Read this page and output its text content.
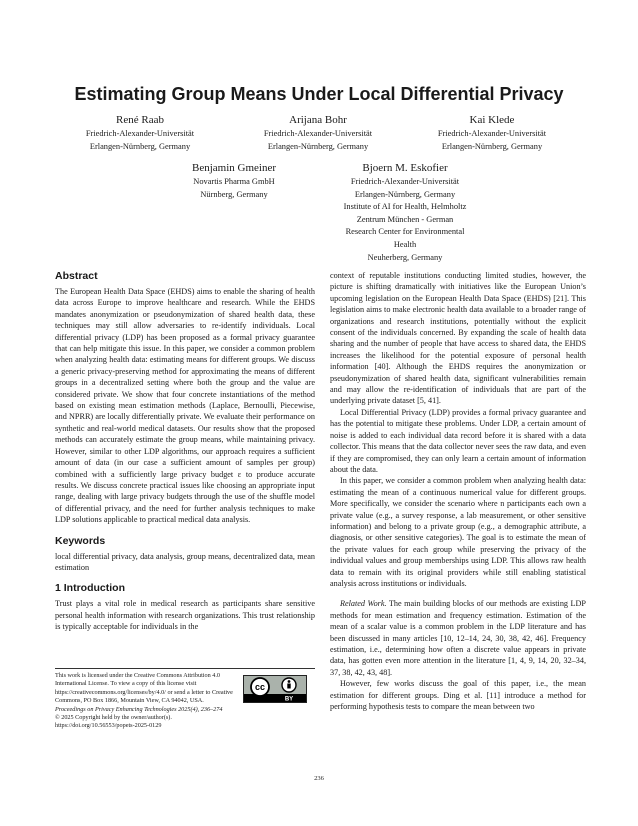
Estimating Group Means Under Local Differential Privacy
René Raab
Friedrich-Alexander-Universität
Erlangen-Nürnberg, Germany
Arijana Bohr
Friedrich-Alexander-Universität
Erlangen-Nürnberg, Germany
Kai Klede
Friedrich-Alexander-Universität
Erlangen-Nürnberg, Germany
Benjamin Gmeiner
Novartis Pharma GmbH
Nürnberg, Germany
Bjoern M. Eskofier
Friedrich-Alexander-Universität
Erlangen-Nürnberg, Germany
Institute of AI for Health, Helmholtz
Zentrum München - German
Research Center for Environmental
Health
Neuherberg, Germany
Abstract

The European Health Data Space (EHDS) aims to enable the sharing of health data across Europe to improve healthcare and research. While the EHDS mandates anonymization or pseudonymization of shared health data, these techniques may still allow adversaries to re-identify individuals. Local differential privacy (LDP) has been proposed as a formal privacy guarantee that can help mitigate this issue. In this paper, we consider a common problem when analyzing health data: estimating means for different groups. We discuss a generic privacy-preserving method for approximating the means of different groups in a decentralized setting where both the group and the value are considered private. We show that four concrete instantiations of the method based on existing mean estimation methods (Laplace, Bernoulli, Piecewise, and NPRR) are locally differentially private. We evaluate their performance on synthetic and real-world medical datasets. Our results show that the proposed methods can accurately estimate the group means, while maintaining privacy. However, similar to other LDP algorithms, our approach requires a sufficient amount of data (in our case a sufficient amount of samples per group) combined with a sufficiently large privacy budget ε to produce accurate results. We discuss concrete practical issues like choosing an appropriate input range, dealing with large privacy budgets through the use of the shuffle model of differential privacy, and the need for further analysis techniques to make LDP solutions applicable to practical medical data analysis.

Keywords

local differential privacy, data analysis, group means, decentralized data, mean estimation

1 Introduction

Trust plays a vital role in medical research as participants share sensitive personal health information with research organizations. This trust relationship is typically acceptable for individuals in the

This work is licensed under the Creative Commons Attribution 4.0 International License. To view a copy of this license visit https://creativecommons.org/licenses/by/4.0/ or send a letter to Creative Commons, PO Box 1866, Mountain View, CA 94042, USA.
Proceedings on Privacy Enhancing Technologies 2025(4), 236–274
© 2025 Copyright held by the owner/author(s).
https://doi.org/10.56553/popets-2025-0129
cc
BY

context of reputable institutions conducting limited studies, however, the picture is shifting dramatically with initiatives like the European Union’s upcoming legislation on the European Health Data Space (EHDS) [21]. This legislation aims to make electronic health data available to a broader range of organizations and research institutions, potentially without the explicit consent of the individuals concerned. By expanding the scale of health data sharing and the number of people that have access to shared data, the EHDS increases the likelihood for the potential exposure of personal health information [40]. Although the EHDS requires the anonymization or pseudonymization of shared health data, significant vulnerabilities remain and may allow the re-identification of individuals that are part of the underlying private dataset [5, 41].

Local Differential Privacy (LDP) provides a formal privacy guarantee and has the potential to mitigate these problems. Under LDP, a certain amount of noise is added to each individual data record before it is shared with a data collector. This means that the data collector never sees the raw data, and even if they are compromised, they can only learn a certain amount of information about the data.

In this paper, we consider a common problem when analyzing health data: estimating the mean of a continuous numerical value for different groups. More specifically, we consider the scenario where n participants each own a private value (e.g., a survey response, a lab measurement, or other sensitive information) and belong to a private group (e.g., a demographic attribute, a diagnosis, or other sensitive categories). The goal is to estimate the mean of the private values for each group while preserving the privacy of the individual values and group memberships using LDP. This allows raw health data to remain with its original providers while still enabling statistical analysis across institutions or individuals.

Related Work. The main building blocks of our methods are existing LDP methods for mean estimation and frequency estimation. Estimation of the mean of a scalar value is a common problem in the LDP literature and has been discussed in many articles [10, 12–14, 24, 30, 38, 42, 46]. Frequency estimation, i.e., determining how often a discrete value appears in private data, has gotten even more attention in the literature [1, 4, 9, 14, 20, 32–34, 37, 38, 42, 43, 48].

However, few works discuss the goal of this paper, i.e., the mean estimation for different groups. Ding et al. [11] introduce a method for performing hypothesis tests to compare the mean between two

236
